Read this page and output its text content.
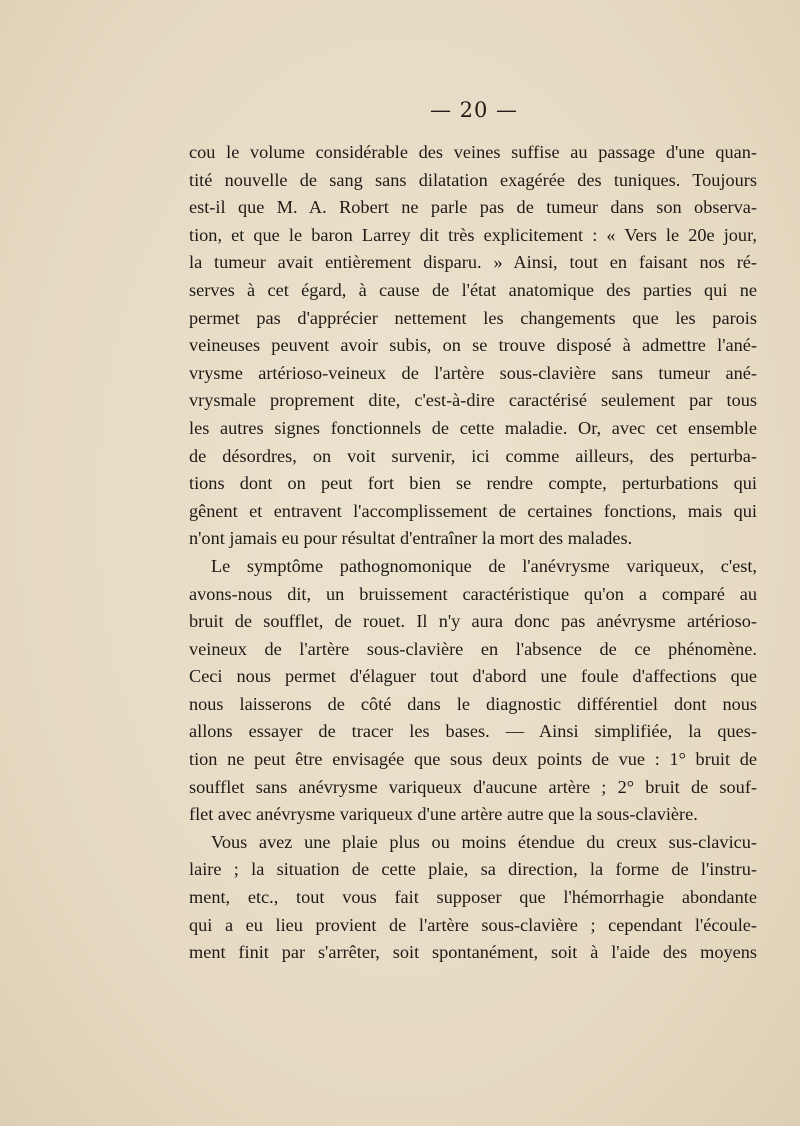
— 20 —
cou le volume considérable des veines suffise au passage d'une quan-
tité nouvelle de sang sans dilatation exagérée des tuniques. Toujours
est-il que M. A. Robert ne parle pas de tumeur dans son observa-
tion, et que le baron Larrey dit très explicitement : « Vers le 20e jour,
la tumeur avait entièrement disparu. » Ainsi, tout en faisant nos ré-
serves à cet égard, à cause de l'état anatomique des parties qui ne
permet pas d'apprécier nettement les changements que les parois
veineuses peuvent avoir subis, on se trouve disposé à admettre l'ané-
vrysme artérioso-veineux de l'artère sous-clavière sans tumeur ané-
vrysmale proprement dite, c'est-à-dire caractérisé seulement par tous
les autres signes fonctionnels de cette maladie. Or, avec cet ensemble
de désordres, on voit survenir, ici comme ailleurs, des perturba-
tions dont on peut fort bien se rendre compte, perturbations qui
gênent et entravent l'accomplissement de certaines fonctions, mais qui
n'ont jamais eu pour résultat d'entraîner la mort des malades.
Le symptôme pathognomonique de l'anévrysme variqueux, c'est,
avons-nous dit, un bruissement caractéristique qu'on a comparé au
bruit de soufflet, de rouet. Il n'y aura donc pas anévrysme artérioso-
veineux de l'artère sous-clavière en l'absence de ce phénomène.
Ceci nous permet d'élaguer tout d'abord une foule d'affections que
nous laisserons de côté dans le diagnostic différentiel dont nous
allons essayer de tracer les bases. — Ainsi simplifiée, la ques-
tion ne peut être envisagée que sous deux points de vue : 1° bruit de
soufflet sans anévrysme variqueux d'aucune artère ; 2° bruit de souf-
flet avec anévrysme variqueux d'une artère autre que la sous-clavière.
Vous avez une plaie plus ou moins étendue du creux sus-clavicu-
laire ; la situation de cette plaie, sa direction, la forme de l'instru-
ment, etc., tout vous fait supposer que l'hémorrhagie abondante
qui a eu lieu provient de l'artère sous-clavière ; cependant l'écoule-
ment finit par s'arrêter, soit spontanément, soit à l'aide des moyens
